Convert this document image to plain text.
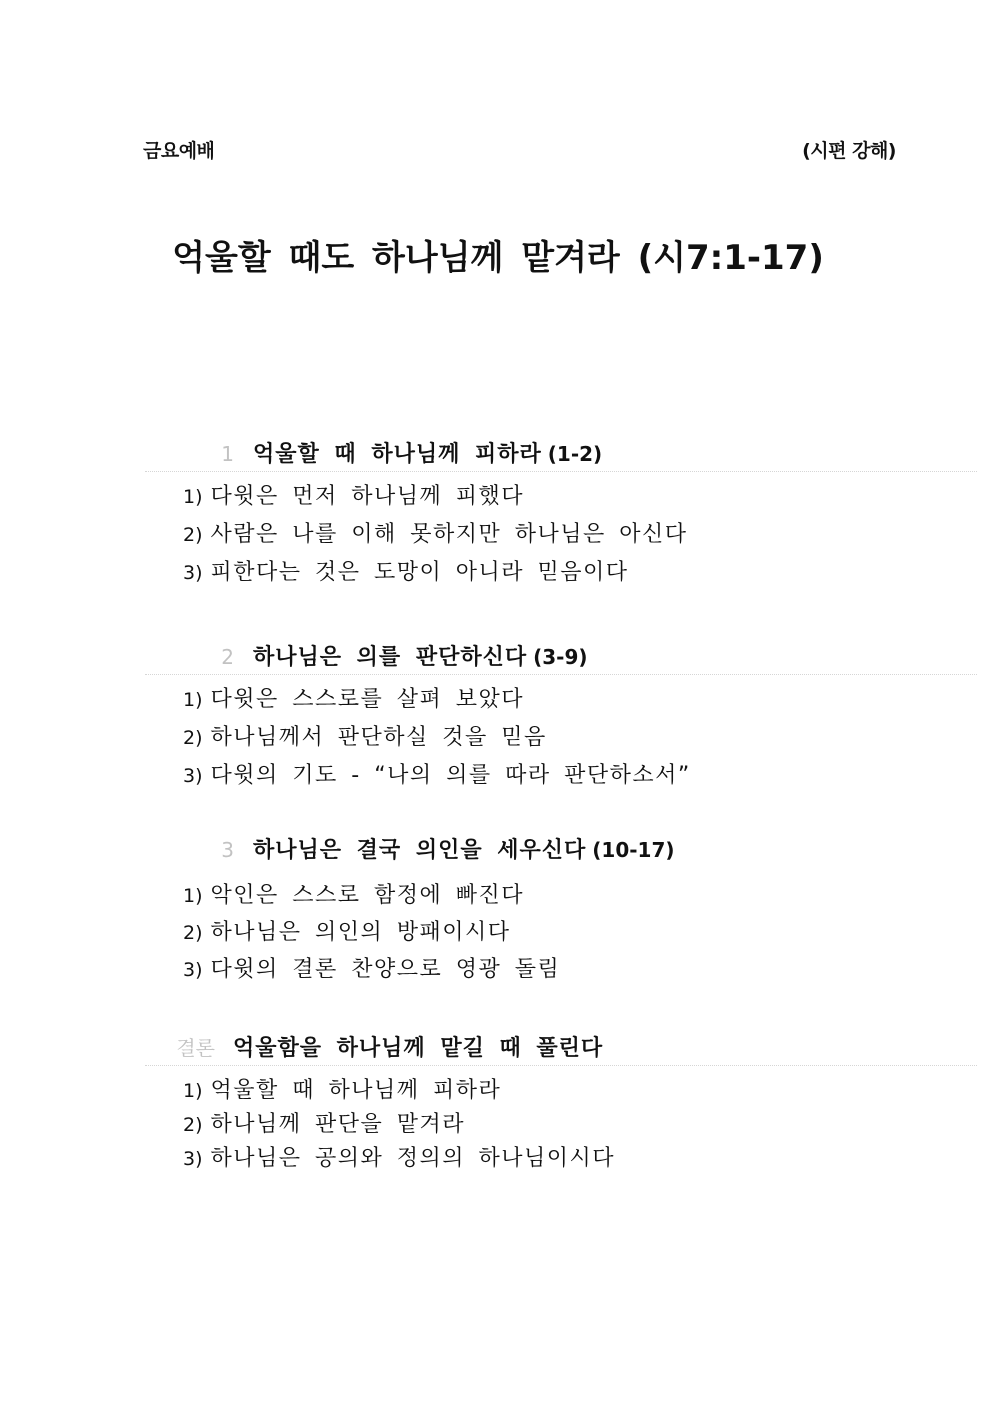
금요예배	(시편 강해)
억울할 때도 하나님께 맡겨라 (시7:1-17)
1 억울할 때 하나님께 피하라 (1-2)
1) 다윗은 먼저 하나님께 피했다
2) 사람은 나를 이해 못하지만 하나님은 아신다
3) 피한다는 것은 도망이 아니라 믿음이다
2 하나님은 의를 판단하신다 (3-9)
1) 다윗은 스스로를 살펴 보았다
2) 하나님께서 판단하실 것을 믿음
3) 다윗의 기도 - “나의 의를 따라 판단하소서”
3 하나님은 결국 의인을 세우신다 (10-17)
1) 악인은 스스로 함정에 빠진다
2) 하나님은 의인의 방패이시다
3) 다윗의 결론 찬양으로 영광 돌림
결론 억울함을 하나님께 맡길 때 풀린다
1) 억울할 때 하나님께 피하라
2) 하나님께 판단을 맡겨라
3) 하나님은 공의와 정의의 하나님이시다
